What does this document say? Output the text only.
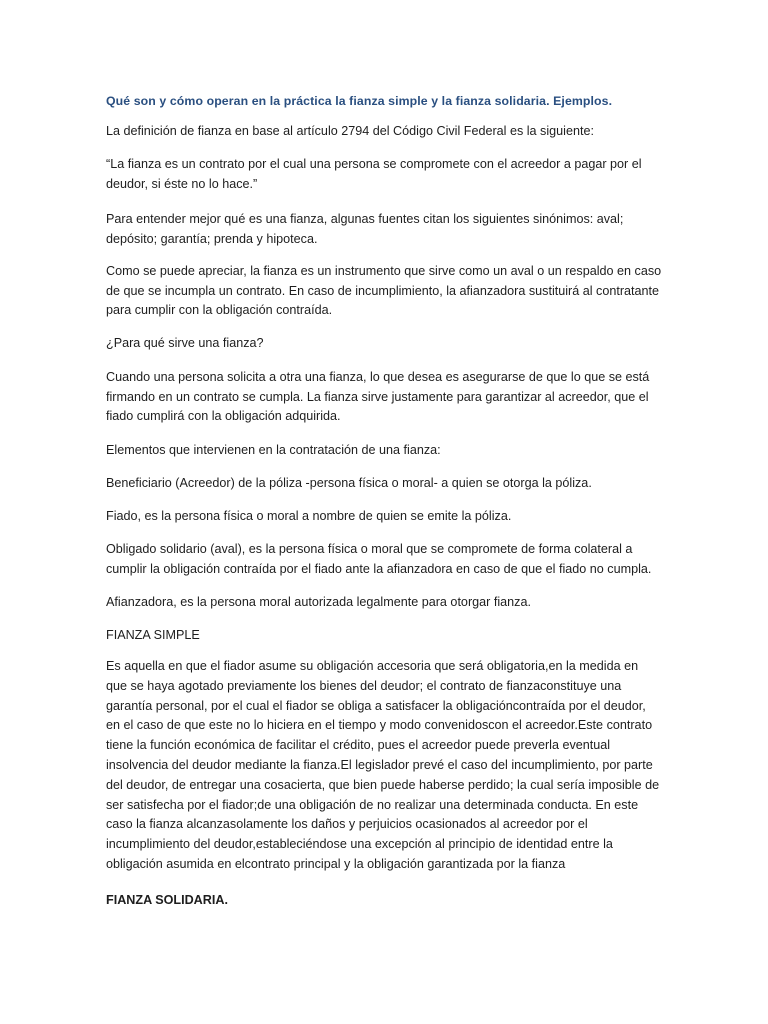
Qué son y cómo operan en la práctica la fianza simple y la fianza solidaria. Ejemplos.

La definición de fianza en base al artículo 2794 del Código Civil Federal es la siguiente:

“La fianza es un contrato por el cual una persona se compromete con el acreedor a pagar por el deudor, si éste no lo hace.”

Para entender mejor qué es una fianza, algunas fuentes citan los siguientes sinónimos: aval; depósito; garantía; prenda y hipoteca.

Como se puede apreciar, la fianza es un instrumento que sirve como un aval o un respaldo en caso de que se incumpla un contrato. En caso de incumplimiento, la afianzadora sustituirá al contratante para cumplir con la obligación contraída.

¿Para qué sirve una fianza?

Cuando una persona solicita a otra una fianza, lo que desea es asegurarse de que lo que se está firmando en un contrato se cumpla. La fianza sirve justamente para garantizar al acreedor, que el fiado cumplirá con la obligación adquirida.

Elementos que intervienen en la contratación de una fianza:

Beneficiario (Acreedor) de la póliza -persona física o moral- a quien se otorga la póliza.

Fiado, es la persona física o moral a nombre de quien se emite la póliza.

Obligado solidario (aval), es la persona física o moral que se compromete de forma colateral a cumplir la obligación contraída por el fiado ante la afianzadora en caso de que el fiado no cumpla.

Afianzadora, es la persona moral autorizada legalmente para otorgar fianza.

FIANZA SIMPLE

Es aquella en que el fiador asume su obligación accesoria que será obligatoria,en la medida en que se haya agotado previamente los bienes del deudor; el contrato de fianzaconstituye una garantía personal, por el cual el fiador se obliga a satisfacer la obligacióncontraída por el deudor, en el caso de que este no lo hiciera en el tiempo y modo convenidoscon el acreedor.Este contrato tiene la función económica de facilitar el crédito, pues el acreedor puede preverla eventual insolvencia del deudor mediante la fianza.El legislador prevé el caso del incumplimiento, por parte del deudor, de entregar una cosacierta, que bien puede haberse perdido; la cual sería imposible de ser satisfecha por el fiador;de una obligación de no realizar una determinada conducta. En este caso la fianza alcanzasolamente los daños y perjuicios ocasionados al acreedor por el incumplimiento del deudor,estableciéndose una excepción al principio de identidad entre la obligación asumida en elcontrato principal y la obligación garantizada por la fianza

FIANZA SOLIDARIA.
